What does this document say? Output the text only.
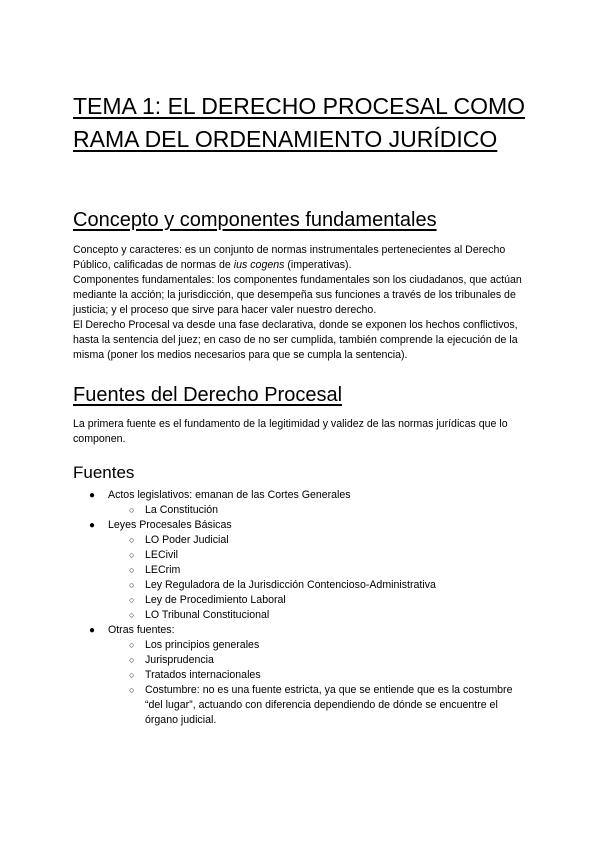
TEMA 1: EL DERECHO PROCESAL COMO RAMA DEL ORDENAMIENTO JURÍDICO
Concepto y componentes fundamentales

Concepto y caracteres: es un conjunto de normas instrumentales pertenecientes al Derecho Público, calificadas de normas de ius cogens (imperativas).

Componentes fundamentales: los componentes fundamentales son los ciudadanos, que actúan mediante la acción; la jurisdicción, que desempeña sus funciones a través de los tribunales de justicia; y el proceso que sirve para hacer valer nuestro derecho.

El Derecho Procesal va desde una fase declarativa, donde se exponen los hechos conflictivos, hasta la sentencia del juez; en caso de no ser cumplida, también comprende la ejecución de la misma (poner los medios necesarios para que se cumpla la sentencia).

Fuentes del Derecho Procesal

La primera fuente es el fundamento de la legitimidad y validez de las normas jurídicas que lo componen.

Fuentes
● Actos legislativos: emanan de las Cortes Generales
○ La Constitución
● Leyes Procesales Básicas
○ LO Poder Judicial
○ LECivil
○ LECrim
○ Ley Reguladora de la Jurisdicción Contencioso-Administrativa
○ Ley de Procedimiento Laboral
○ LO Tribunal Constitucional
● Otras fuentes:
○ Los principios generales
○ Jurisprudencia
○ Tratados internacionales
○ Costumbre: no es una fuente estricta, ya que se entiende que es la costumbre “del lugar”, actuando con diferencia dependiendo de dónde se encuentre el órgano judicial.
